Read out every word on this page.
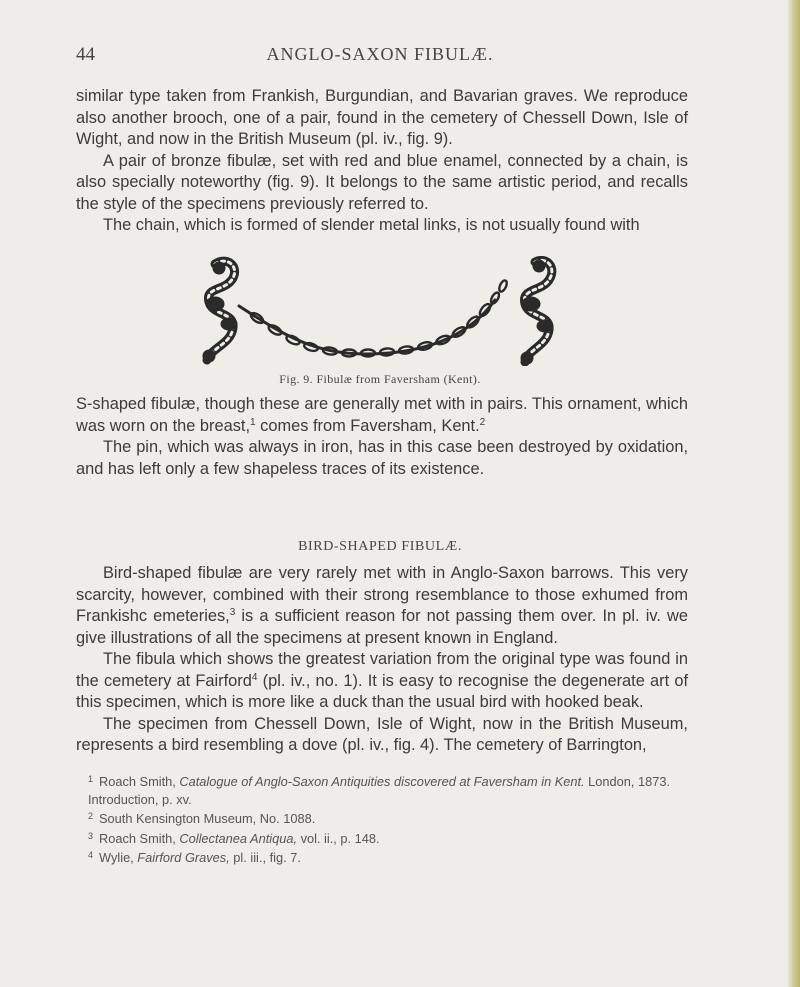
44	ANGLO-SAXON FIBULÆ.

similar type taken from Frankish, Burgundian, and Bavarian graves. We reproduce also another brooch, one of a pair, found in the cemetery of Chessell Down, Isle of Wight, and now in the British Museum (pl. iv., fig. 9).

A pair of bronze fibulæ, set with red and blue enamel, connected by a chain, is also specially noteworthy (fig. 9). It belongs to the same artistic period, and recalls the style of the specimens previously referred to.

The chain, which is formed of slender metal links, is not usually found with

Fig. 9. Fibulæ from Faversham (Kent).

S-shaped fibulæ, though these are generally met with in pairs. This ornament, which was worn on the breast,$^1$ comes from Faversham, Kent.$^2$

The pin, which was always in iron, has in this case been destroyed by oxidation, and has left only a few shapeless traces of its existence.

BIRD-SHAPED FIBULÆ.

Bird-shaped fibulæ are very rarely met with in Anglo-Saxon barrows. This very scarcity, however, combined with their strong resemblance to those exhumed from Frankishc emeteries,$^3$ is a sufficient reason for not passing them over. In pl. iv. we give illustrations of all the specimens at present known in England.

The fibula which shows the greatest variation from the original type was found in the cemetery at Fairford$^4$ (pl. iv., no. 1). It is easy to recognise the degenerate art of this specimen, which is more like a duck than the usual bird with hooked beak.

The specimen from Chessell Down, Isle of Wight, now in the British Museum, represents a bird resembling a dove (pl. iv., fig. 4). The cemetery of Barrington,

$^1$ Roach Smith, Catalogue of Anglo-Saxon Antiquities discovered at Faversham in Kent. London, 1873.
Introduction, p. xv.
$^2$ South Kensington Museum, No. 1088.
$^3$ Roach Smith, Collectanea Antiqua, vol. ii., p. 148.
$^4$ Wylie, Fairford Graves, pl. iii., fig. 7.
